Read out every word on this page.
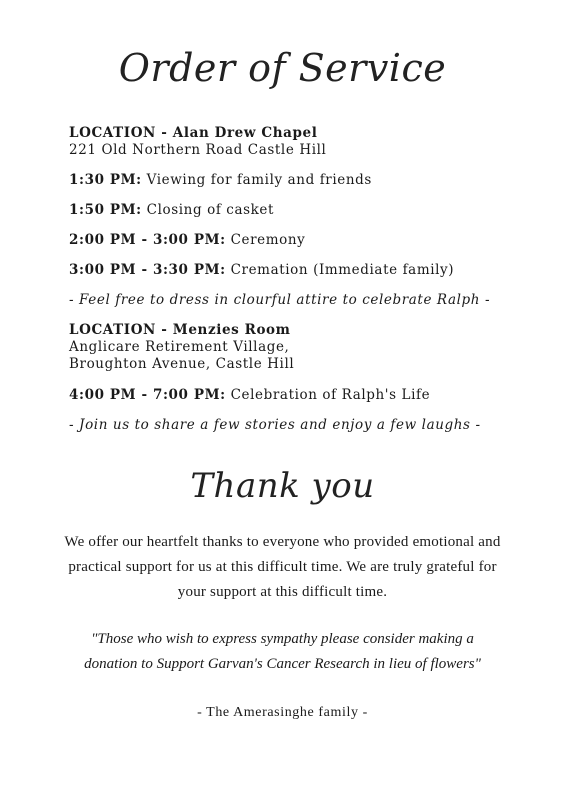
Order of Service
LOCATION - Alan Drew Chapel
221 Old Northern Road Castle Hill
1:30 PM: Viewing for family and friends
1:50 PM: Closing of casket
2:00 PM - 3:00 PM: Ceremony
3:00 PM - 3:30 PM: Cremation (Immediate family)
- Feel free to dress in clourful attire to celebrate Ralph -
LOCATION - Menzies Room
Anglicare Retirement Village,
Broughton Avenue, Castle Hill
4:00 PM - 7:00 PM: Celebration of Ralph's Life
- Join us to share a few stories and enjoy a few laughs -
Thank you
We offer our heartfelt thanks to everyone who provided emotional and
practical support for us at this difficult time. We are truly grateful for
your support at this difficult time.
"Those who wish to express sympathy please consider making a
donation to Support Garvan's Cancer Research in lieu of flowers"
- The Amerasinghe family -
